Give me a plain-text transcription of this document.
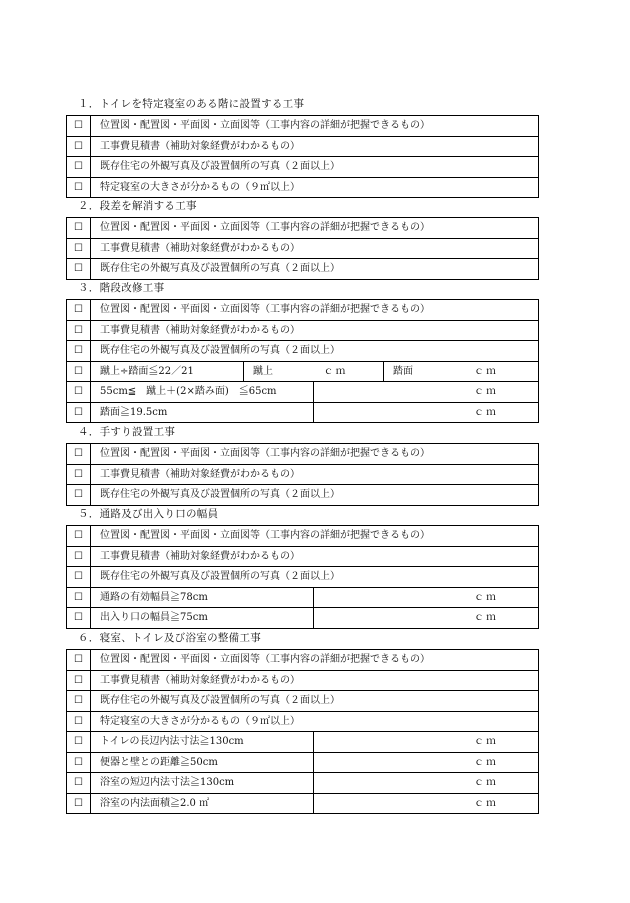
１．トイレを特定寝室のある階に設置する工事
☐	位置図・配置図・平面図・立面図等（工事内容の詳細が把握できるもの）
☐	工事費見積書（補助対象経費がわかるもの）
☐	既存住宅の外観写真及び設置個所の写真（２面以上）
☐	特定寝室の大きさが分かるもの（９㎡以上）
２．段差を解消する工事
☐	位置図・配置図・平面図・立面図等（工事内容の詳細が把握できるもの）
☐	工事費見積書（補助対象経費がわかるもの）
☐	既存住宅の外観写真及び設置個所の写真（２面以上）
３．階段改修工事
☐	位置図・配置図・平面図・立面図等（工事内容の詳細が把握できるもの）				
☐	工事費見積書（補助対象経費がわかるもの）				
☐	既存住宅の外観写真及び設置個所の写真（２面以上）				
☐	蹴上÷踏面≦22／21	蹴上	ｃｍ	踏面	ｃｍ
☐	55cm≦　蹴上＋(2×踏み面)　≦65cm		ｃｍ		
☐	踏面≧19.5cm		ｃｍ		
４．手すり設置工事
☐	位置図・配置図・平面図・立面図等（工事内容の詳細が把握できるもの）
☐	工事費見積書（補助対象経費がわかるもの）
☐	既存住宅の外観写真及び設置個所の写真（２面以上）
５．通路及び出入り口の幅員
☐	位置図・配置図・平面図・立面図等（工事内容の詳細が把握できるもの）	
☐	工事費見積書（補助対象経費がわかるもの）	
☐	既存住宅の外観写真及び設置個所の写真（２面以上）	
☐	通路の有効幅員≧78cm	ｃｍ
☐	出入り口の幅員≧75cm	ｃｍ
６．寝室、トイレ及び浴室の整備工事
☐	位置図・配置図・平面図・立面図等（工事内容の詳細が把握できるもの）	
☐	工事費見積書（補助対象経費がわかるもの）	
☐	既存住宅の外観写真及び設置個所の写真（２面以上）	
☐	特定寝室の大きさが分かるもの（９㎡以上）	
☐	トイレの長辺内法寸法≧130cm	ｃｍ
☐	便器と壁との距離≧50cm	ｃｍ
☐	浴室の短辺内法寸法≧130cm	ｃｍ
☐	浴室の内法面積≧2.0 ㎡	ｃｍ
